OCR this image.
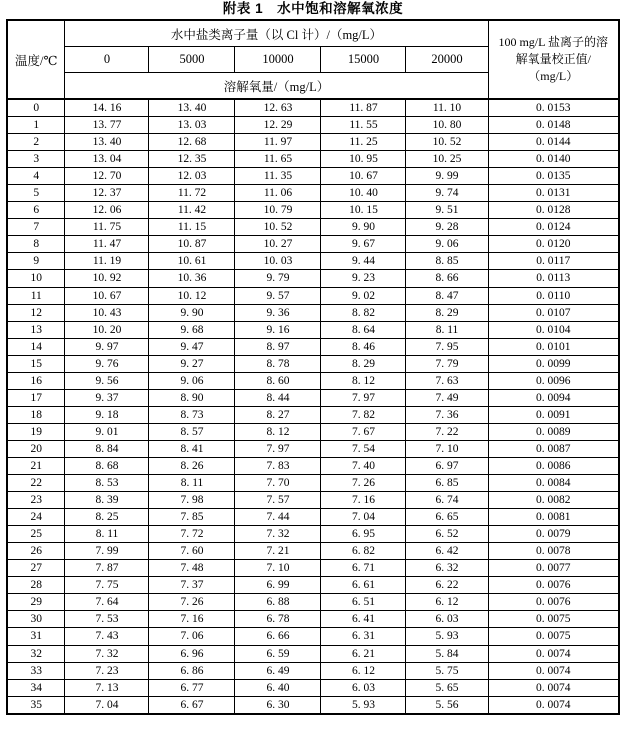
附表 1　水中饱和溶解氧浓度
温度/℃	水中盐类离子量（以 Cl 计）/（mg/L）					100 mg/L 盐离子的溶
解氧量校正值/
（mg/L）

	0	5000	10000	15000	20000	
	溶解氧量/（mg/L）					
0	14. 16	13. 40	12. 63	11. 87	11. 10	0. 0153
1	13. 77	13. 03	12. 29	11. 55	10. 80	0. 0148
2	13. 40	12. 68	11. 97	11. 25	10. 52	0. 0144
3	13. 04	12. 35	11. 65	10. 95	10. 25	0. 0140
4	12. 70	12. 03	11. 35	10. 67	9. 99	0. 0135
5	12. 37	11. 72	11. 06	10. 40	9. 74	0. 0131
6	12. 06	11. 42	10. 79	10. 15	9. 51	0. 0128
7	11. 75	11. 15	10. 52	9. 90	9. 28	0. 0124
8	11. 47	10. 87	10. 27	9. 67	9. 06	0. 0120
9	11. 19	10. 61	10. 03	9. 44	8. 85	0. 0117
10	10. 92	10. 36	9. 79	9. 23	8. 66	0. 0113
11	10. 67	10. 12	9. 57	9. 02	8. 47	0. 0110
12	10. 43	9. 90	9. 36	8. 82	8. 29	0. 0107
13	10. 20	9. 68	9. 16	8. 64	8. 11	0. 0104
14	9. 97	9. 47	8. 97	8. 46	7. 95	0. 0101
15	9. 76	9. 27	8. 78	8. 29	7. 79	0. 0099
16	9. 56	9. 06	8. 60	8. 12	7. 63	0. 0096
17	9. 37	8. 90	8. 44	7. 97	7. 49	0. 0094
18	9. 18	8. 73	8. 27	7. 82	7. 36	0. 0091
19	9. 01	8. 57	8. 12	7. 67	7. 22	0. 0089
20	8. 84	8. 41	7. 97	7. 54	7. 10	0. 0087
21	8. 68	8. 26	7. 83	7. 40	6. 97	0. 0086
22	8. 53	8. 11	7. 70	7. 26	6. 85	0. 0084
23	8. 39	7. 98	7. 57	7. 16	6. 74	0. 0082
24	8. 25	7. 85	7. 44	7. 04	6. 65	0. 0081
25	8. 11	7. 72	7. 32	6. 95	6. 52	0. 0079
26	7. 99	7. 60	7. 21	6. 82	6. 42	0. 0078
27	7. 87	7. 48	7. 10	6. 71	6. 32	0. 0077
28	7. 75	7. 37	6. 99	6. 61	6. 22	0. 0076
29	7. 64	7. 26	6. 88	6. 51	6. 12	0. 0076
30	7. 53	7. 16	6. 78	6. 41	6. 03	0. 0075
31	7. 43	7. 06	6. 66	6. 31	5. 93	0. 0075
32	7. 32	6. 96	6. 59	6. 21	5. 84	0. 0074
33	7. 23	6. 86	6. 49	6. 12	5. 75	0. 0074
34	7. 13	6. 77	6. 40	6. 03	5. 65	0. 0074
35	7. 04	6. 67	6. 30	5. 93	5. 56	0. 0074
